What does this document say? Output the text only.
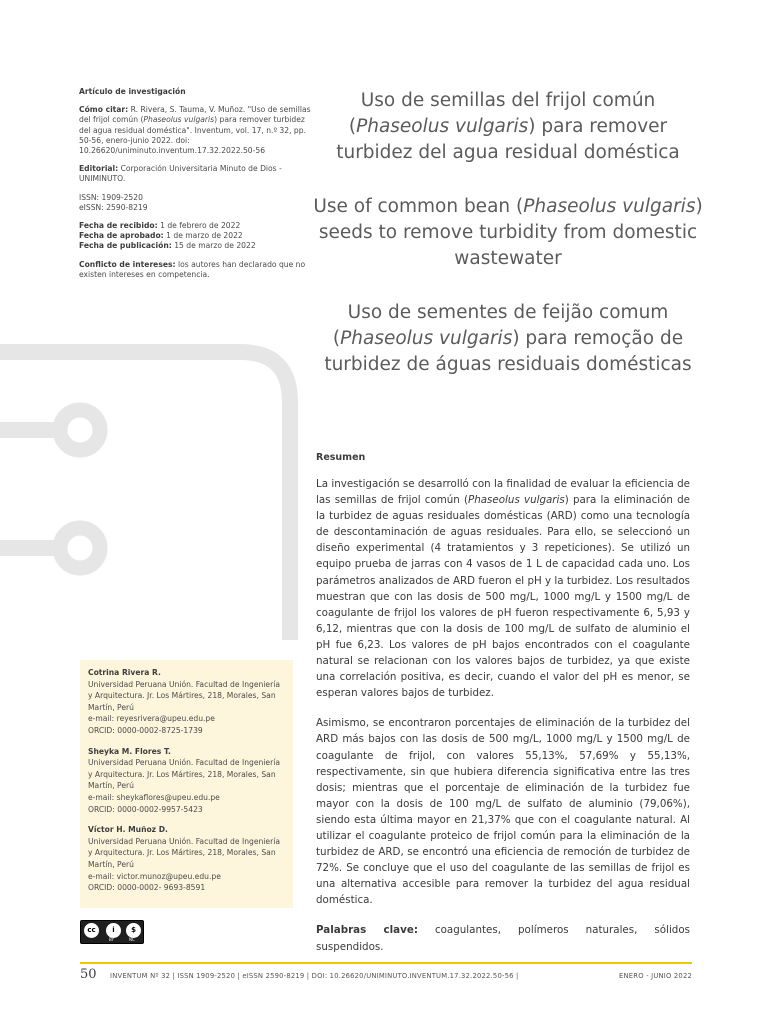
Artículo de investigación
Cómo citar: R. Rivera, S. Tauma, V. Muñoz. "Uso de semillas del frijol común (Phaseolus vulgaris) para remover turbidez del agua residual doméstica". Inventum, vol. 17, n.º 32, pp. 50-56, enero-junio 2022. doi: 10.26620/uniminuto.inventum.17.32.2022.50-56
Editorial: Corporación Universitaria Minuto de Dios - UNIMINUTO.
ISSN: 1909-2520
eISSN: 2590-8219
Fecha de recibido: 1 de febrero de 2022
Fecha de aprobado: 1 de marzo de 2022
Fecha de publicación: 15 de marzo de 2022
Conflicto de intereses: los autores han declarado que no existen intereses en competencia.
Uso de semillas del frijol común (Phaseolus vulgaris) para remover turbidez del agua residual doméstica
Use of common bean (Phaseolus vulgaris) seeds to remove turbidity from domestic wastewater
Uso de sementes de feijão comum (Phaseolus vulgaris) para remoção de turbidez de águas residuais domésticas
Resumen

La investigación se desarrolló con la finalidad de evaluar la eficiencia de las semillas de frijol común (Phaseolus vulgaris) para la eliminación de la turbidez de aguas residuales domésticas (ARD) como una tecnología de descontaminación de aguas residuales. Para ello, se seleccionó un diseño experimental (4 tratamientos y 3 repeticiones). Se utilizó un equipo prueba de jarras con 4 vasos de 1 L de capacidad cada uno. Los parámetros analizados de ARD fueron el pH y la turbidez. Los resultados muestran que con las dosis de 500 mg/L, 1000 mg/L y 1500 mg/L de coagulante de frijol los valores de pH fueron respectivamente 6, 5,93 y 6,12, mientras que con la dosis de 100 mg/L de sulfato de aluminio el pH fue 6,23. Los valores de pH bajos encontrados con el coagulante natural se relacionan con los valores bajos de turbidez, ya que existe una correlación positiva, es decir, cuando el valor del pH es menor, se esperan valores bajos de turbidez.

Asimismo, se encontraron porcentajes de eliminación de la turbidez del ARD más bajos con las dosis de 500 mg/L, 1000 mg/L y 1500 mg/L de coagulante de frijol, con valores 55,13%, 57,69% y 55,13%, respectivamente, sin que hubiera diferencia significativa entre las tres dosis; mientras que el porcentaje de eliminación de la turbidez fue mayor con la dosis de 100 mg/L de sulfato de aluminio (79,06%), siendo esta última mayor en 21,37% que con el coagulante natural. Al utilizar el coagulante proteico de frijol común para la eliminación de la turbidez de ARD, se encontró una eficiencia de remoción de turbidez de 72%. Se concluye que el uso del coagulante de las semillas de frijol es una alternativa accesible para remover la turbidez del agua residual doméstica.

Palabras clave: coagulantes, polímeros naturales, sólidos suspendidos.

Cotrina Rivera R.
Universidad Peruana Unión. Facultad de Ingeniería y Arquitectura. Jr. Los Mártires, 218, Morales, San Martín, Perú
e-mail: reyesrivera@upeu.edu.pe
ORCID: 0000-0002-8725-1739
Sheyka M. Flores T.
Universidad Peruana Unión. Facultad de Ingeniería y Arquitectura. Jr. Los Mártires, 218, Morales, San Martín, Perú
e-mail: sheykaflores@upeu.edu.pe
ORCID: 0000-0002-9957-5423
Víctor H. Muñoz D.
Universidad Peruana Unión. Facultad de Ingeniería y Arquitectura. Jr. Los Mártires, 218, Morales, San Martín, Perú
e-mail: victor.munoz@upeu.edu.pe
ORCID: 0000-0002- 9693-8591
cc	i	$
BY	NC
50 INVENTUM Nº 32 | ISSN 1909-2520 | eISSN 2590-8219 | DOI: 10.26620/UNIMINUTO.INVENTUM.17.32.2022.50-56 |	ENERO - JUNIO 2022
